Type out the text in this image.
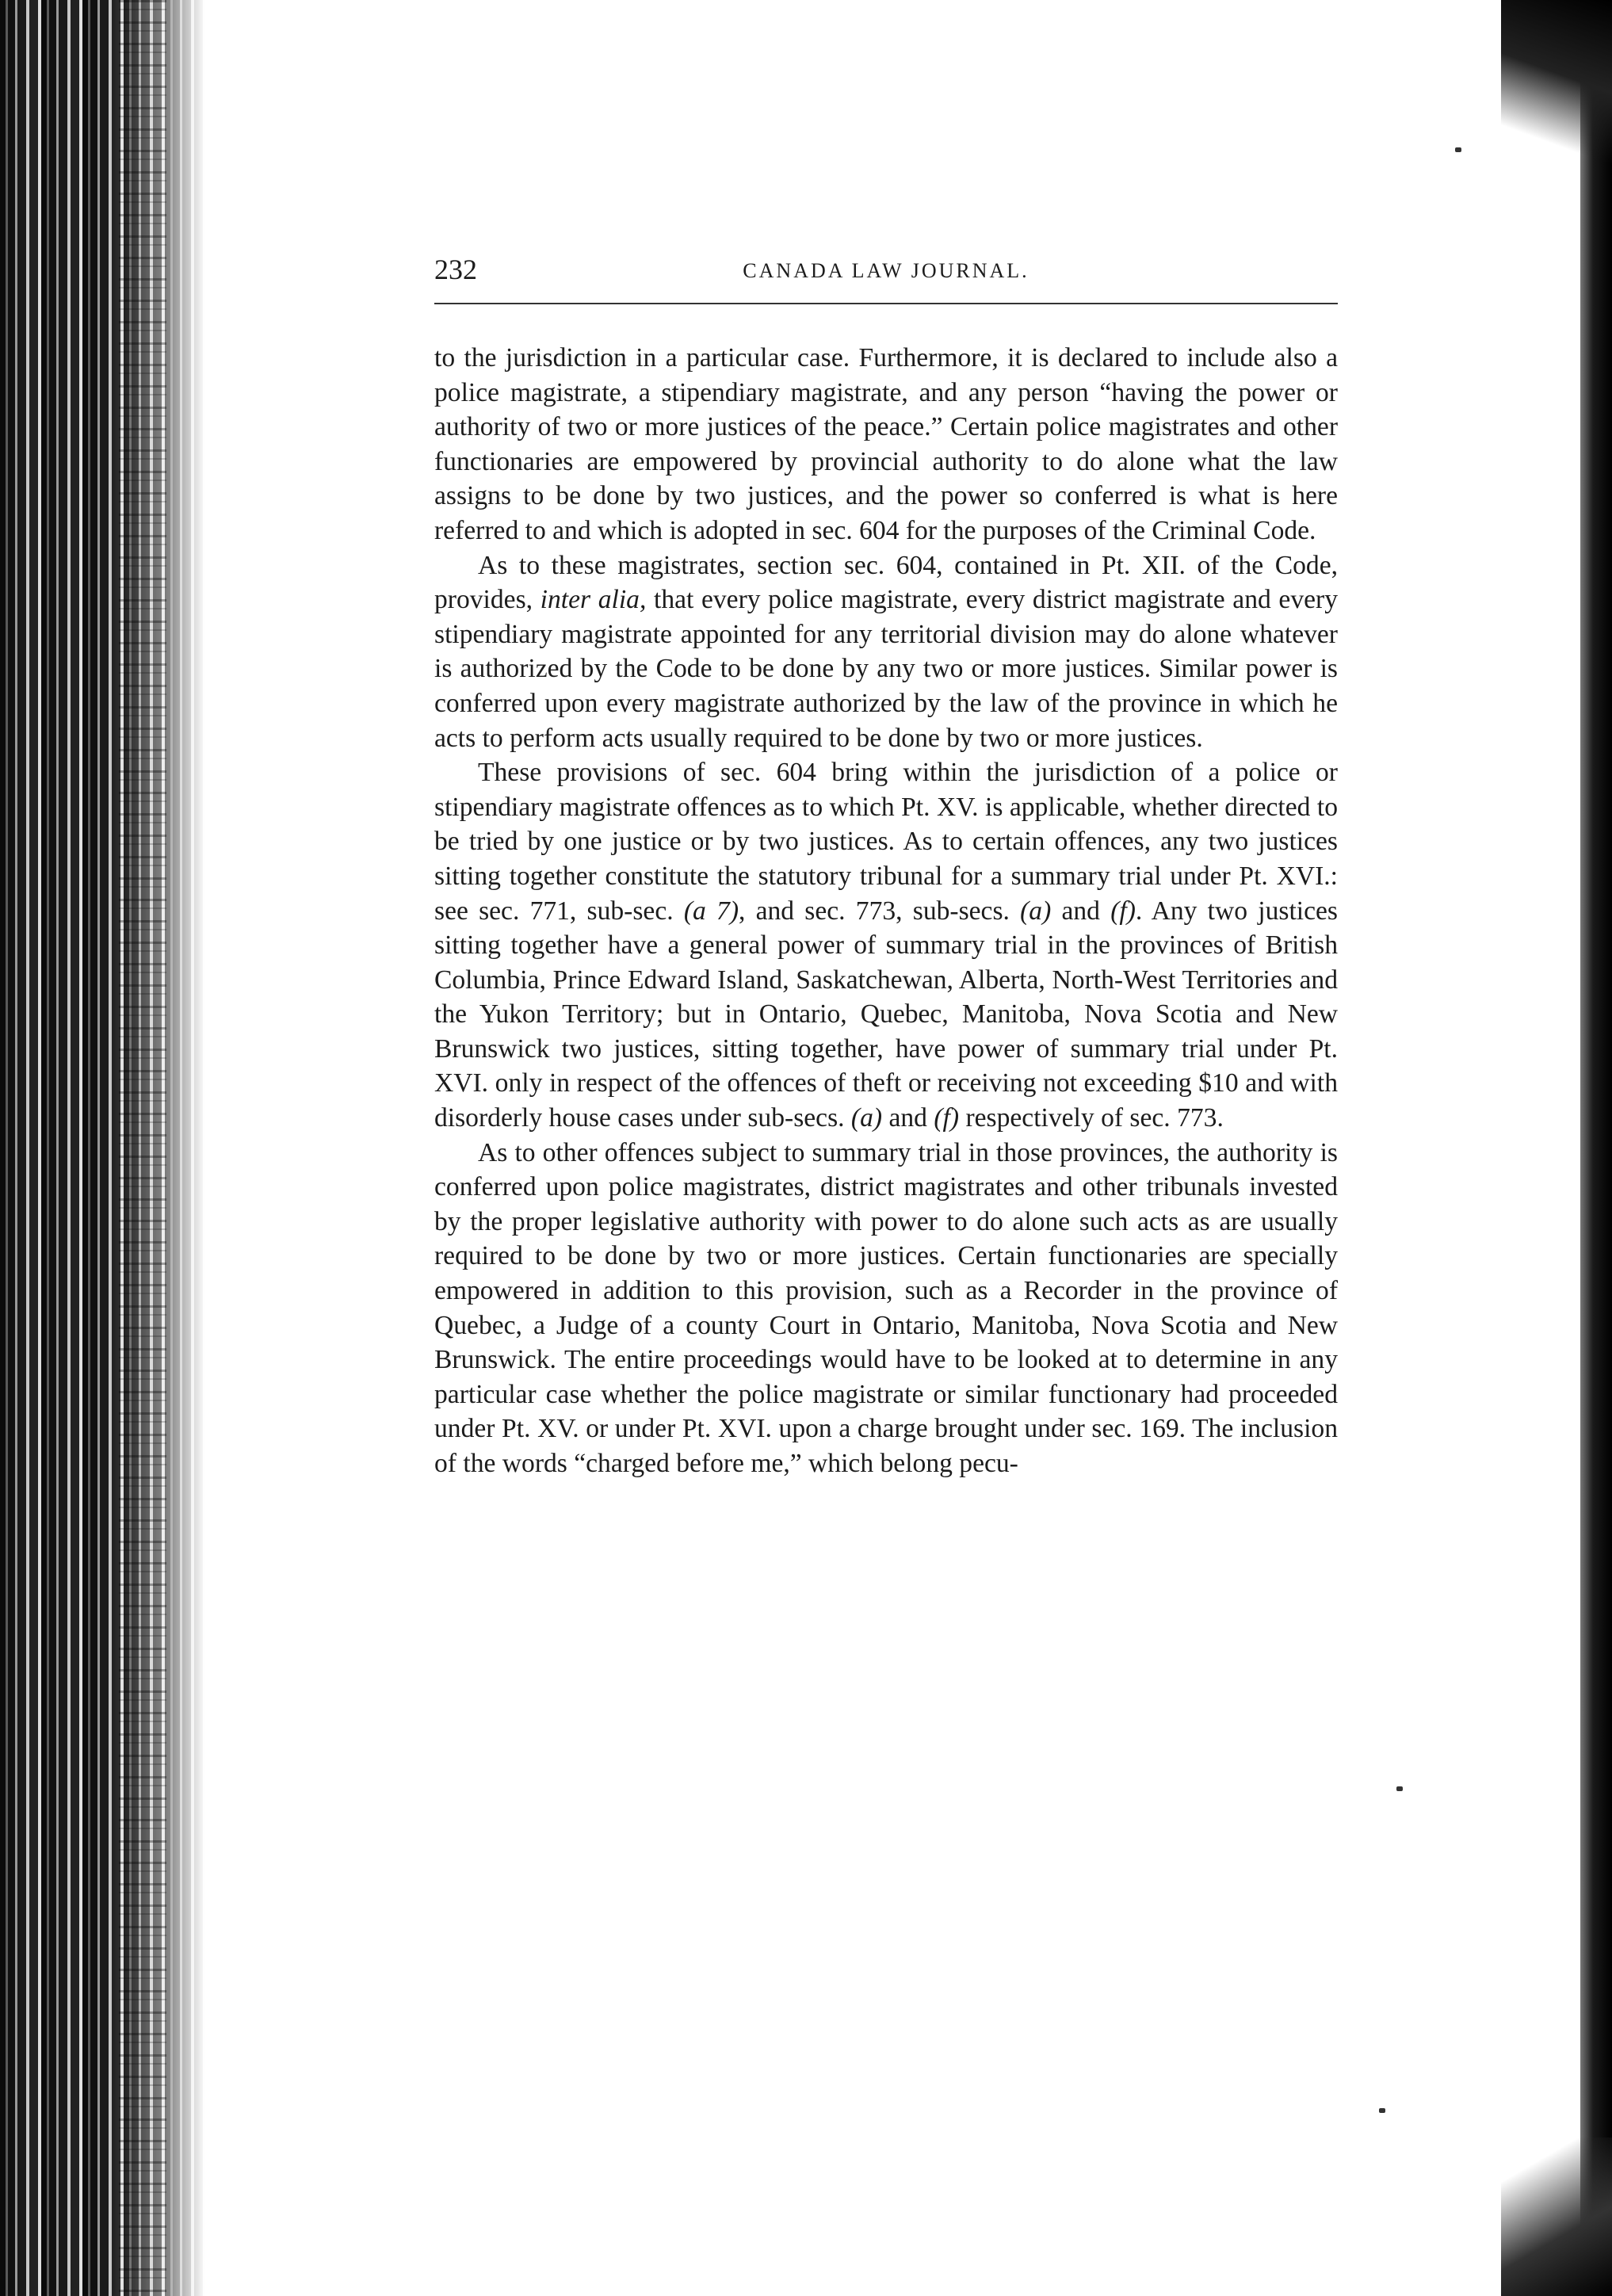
232	CANADA LAW JOURNAL.

to the jurisdiction in a particular case. Furthermore, it is declared to include also a police magistrate, a stipendiary magistrate, and any person “having the power or authority of two or more justices of the peace.” Certain police magistrates and other functionaries are empowered by provincial authority to do alone what the law assigns to be done by two justices, and the power so conferred is what is here referred to and which is adopted in sec. 604 for the purposes of the Criminal Code.

As to these magistrates, section sec. 604, contained in Pt. XII. of the Code, provides, inter alia, that every police magistrate, every district magistrate and every stipendiary magistrate appointed for any territorial division may do alone whatever is authorized by the Code to be done by any two or more justices. Similar power is conferred upon every magistrate authorized by the law of the province in which he acts to perform acts usually required to be done by two or more justices.

These provisions of sec. 604 bring within the jurisdiction of a police or stipendiary magistrate offences as to which Pt. XV. is applicable, whether directed to be tried by one justice or by two justices. As to certain offences, any two justices sitting together constitute the statutory tribunal for a summary trial under Pt. XVI.: see sec. 771, sub-sec. (a 7), and sec. 773, sub-secs. (a) and (f). Any two justices sitting together have a general power of summary trial in the provinces of British Columbia, Prince Edward Island, Saskatchewan, Alberta, North-West Territories and the Yukon Territory; but in Ontario, Quebec, Manitoba, Nova Scotia and New Brunswick two justices, sitting together, have power of summary trial under Pt. XVI. only in respect of the offences of theft or receiving not exceeding $10 and with disorderly house cases under sub-secs. (a) and (f) respectively of sec. 773.

As to other offences subject to summary trial in those provinces, the authority is conferred upon police magistrates, district magistrates and other tribunals invested by the proper legislative authority with power to do alone such acts as are usually required to be done by two or more justices. Certain functionaries are specially empowered in addition to this provision, such as a Recorder in the province of Quebec, a Judge of a county Court in Ontario, Manitoba, Nova Scotia and New Brunswick. The entire proceedings would have to be looked at to determine in any particular case whether the police magistrate or similar functionary had proceeded under Pt. XV. or under Pt. XVI. upon a charge brought under sec. 169. The inclusion of the words “charged before me,” which belong pecu-
